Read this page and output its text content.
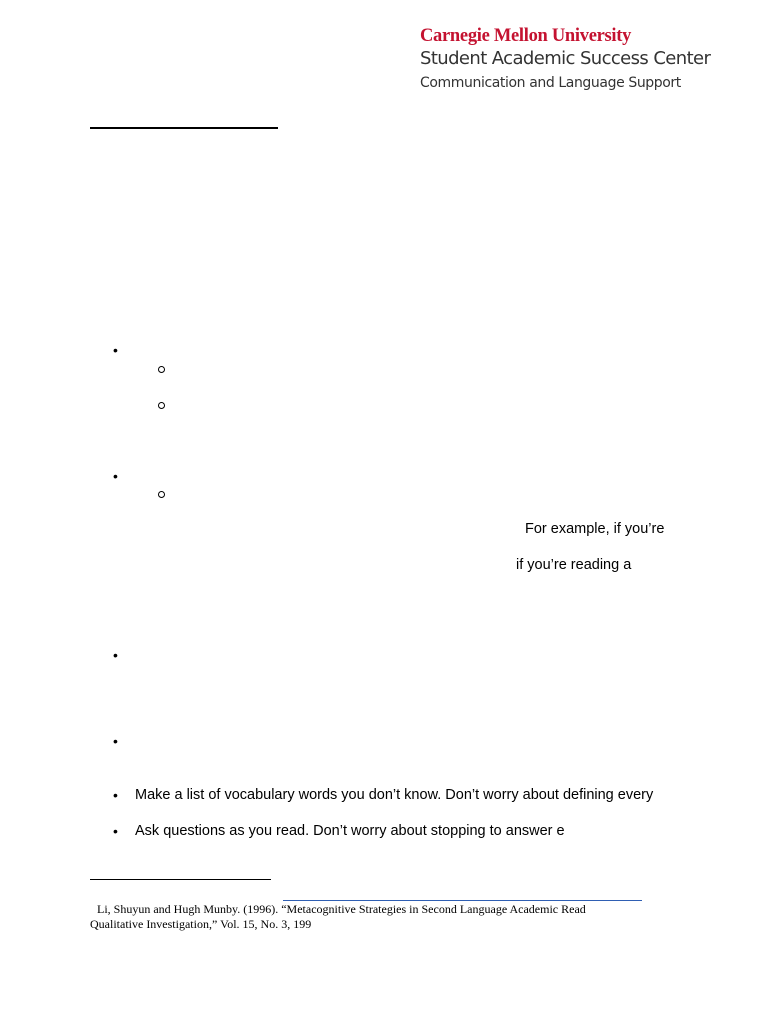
Carnegie Mellon University
Student Academic Success Center
Communication and Language Support
•
•
For example, if you’re
if you’re reading a
•
•
• Make a list of vocabulary words you don’t know. Don’t worry about defining every
• Ask questions as you read. Don’t worry about stopping to answer e
Li, Shuyun and Hugh Munby. (1996). “Metacognitive Strategies in Second Language Academic Read
Qualitative Investigation,” Vol. 15, No. 3, 199
